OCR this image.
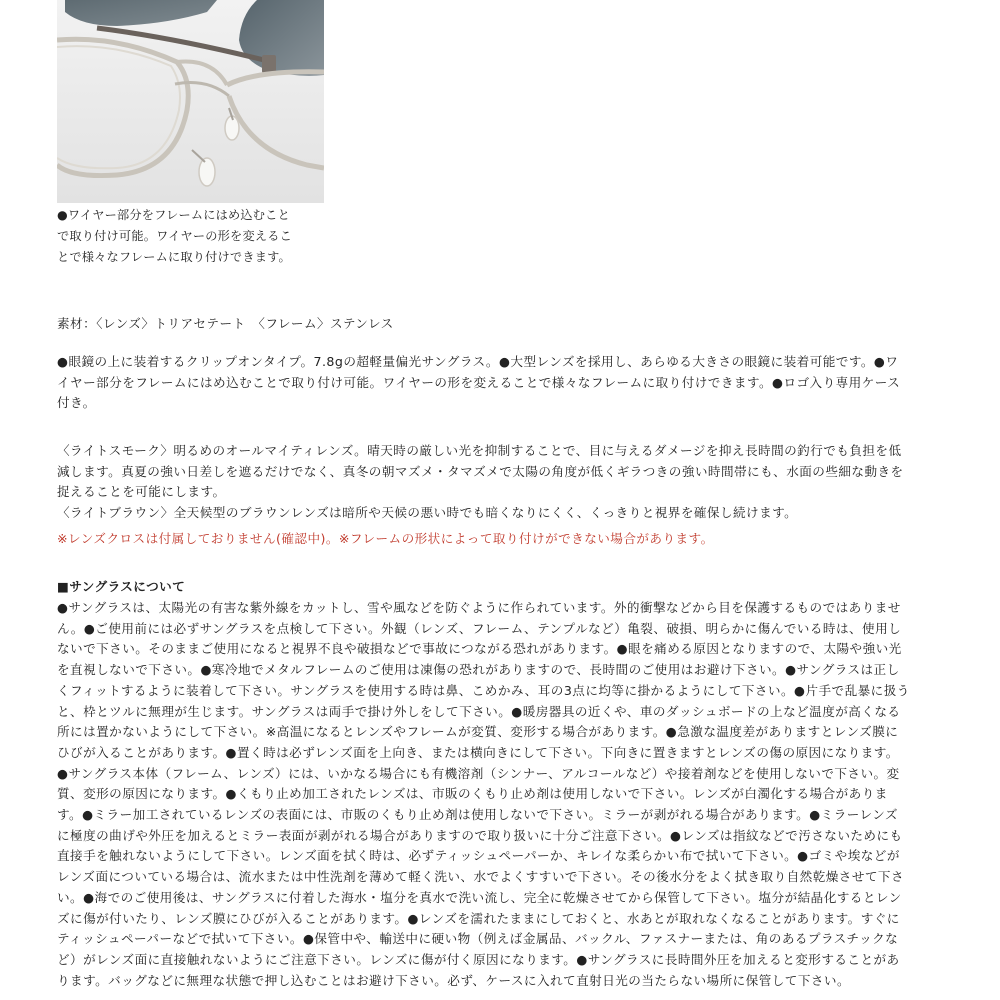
●ワイヤー部分をフレームにはめ込むこと
で取り付け可能。ワイヤーの形を変えるこ
とで様々なフレームに取り付けできます。

素材：〈レンズ〉トリアセテート　〈フレーム〉ステンレス

●眼鏡の上に装着するクリップオンタイプ。7.8gの超軽量偏光サングラス。●大型レンズを採用し、あらゆる大きさの眼鏡に装着可能です。●ワ
イヤー部分をフレームにはめ込むことで取り付け可能。ワイヤーの形を変えることで様々なフレームに取り付けできます。●ロゴ入り専用ケース
付き。

〈ライトスモーク〉明るめのオールマイティレンズ。晴天時の厳しい光を抑制することで、目に与えるダメージを抑え長時間の釣行でも負担を低
減します。真夏の強い日差しを遮るだけでなく、真冬の朝マズメ・タマズメで太陽の角度が低くギラつきの強い時間帯にも、水面の些細な動きを
捉えることを可能にします。
〈ライトブラウン〉全天候型のブラウンレンズは暗所や天候の悪い時でも暗くなりにくく、くっきりと視界を確保し続けます。

※レンズクロスは付属しておりません(確認中)。※フレームの形状によって取り付けができない場合があります。

■サングラスについて

●サングラスは、太陽光の有害な紫外線をカットし、雪や風などを防ぐように作られています。外的衝撃などから目を保護するものではありませ
ん。●ご使用前には必ずサングラスを点検して下さい。外観（レンズ、フレーム、テンプルなど）亀裂、破損、明らかに傷んでいる時は、使用し
ないで下さい。そのままご使用になると視界不良や破損などで事故につながる恐れがあります。●眼を痛める原因となりますので、太陽や強い光
を直視しないで下さい。●寒冷地でメタルフレームのご使用は凍傷の恐れがありますので、長時間のご使用はお避け下さい。●サングラスは正し
くフィットするように装着して下さい。サングラスを使用する時は鼻、こめかみ、耳の3点に均等に掛かるようにして下さい。●片手で乱暴に扱う
と、枠とツルに無理が生じます。サングラスは両手で掛け外しをして下さい。●暖房器具の近くや、車のダッシュボードの上など温度が高くなる
所には置かないようにして下さい。※高温になるとレンズやフレームが変質、変形する場合があります。●急激な温度差がありますとレンズ膜に
ひびが入ることがあります。●置く時は必ずレンズ面を上向き、または横向きにして下さい。下向きに置きますとレンズの傷の原因になります。
●サングラス本体（フレーム、レンズ）には、いかなる場合にも有機溶剤（シンナー、アルコールなど）や接着剤などを使用しないで下さい。変
質、変形の原因になります。●くもり止め加工されたレンズは、市販のくもり止め剤は使用しないで下さい。レンズが白濁化する場合がありま
す。●ミラー加工されているレンズの表面には、市販のくもり止め剤は使用しないで下さい。ミラーが剥がれる場合があります。●ミラーレンズ
に極度の曲げや外圧を加えるとミラー表面が剥がれる場合がありますので取り扱いに十分ご注意下さい。●レンズは指紋などで汚さないためにも
直接手を触れないようにして下さい。レンズ面を拭く時は、必ずティッシュペーパーか、キレイな柔らかい布で拭いて下さい。●ゴミや埃などが
レンズ面についている場合は、流水または中性洗剤を薄めて軽く洗い、水でよくすすいで下さい。その後水分をよく拭き取り自然乾燥させて下さ
い。●海でのご使用後は、サングラスに付着した海水・塩分を真水で洗い流し、完全に乾燥させてから保管して下さい。塩分が結晶化するとレン
ズに傷が付いたり、レンズ膜にひびが入ることがあります。●レンズを濡れたままにしておくと、水あとが取れなくなることがあります。すぐに
ティッシュペーパーなどで拭いて下さい。●保管中や、輸送中に硬い物（例えば金属品、バックル、ファスナーまたは、角のあるプラスチックな
ど）がレンズ面に直接触れないようにご注意下さい。レンズに傷が付く原因になります。●サングラスに長時間外圧を加えると変形することがあ
ります。バッグなどに無理な状態で押し込むことはお避け下さい。必ず、ケースに入れて直射日光の当たらない場所に保管して下さい。
